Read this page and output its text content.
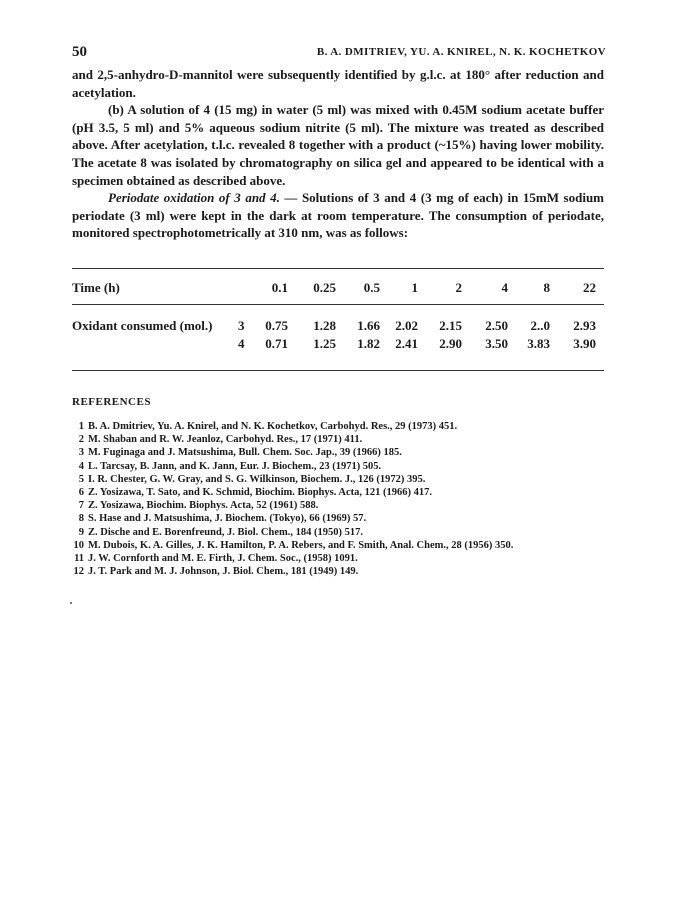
50	B. A. DMITRIEV, YU. A. KNIREL, N. K. KOCHETKOV

and 2,5-anhydro-D-mannitol were subsequently identified by g.l.c. at 180° after reduction and acetylation.

(b) A solution of 4 (15 mg) in water (5 ml) was mixed with 0.45M sodium acetate buffer (pH 3.5, 5 ml) and 5% aqueous sodium nitrite (5 ml). The mixture was treated as described above. After acetylation, t.l.c. revealed 8 together with a product (~15%) having lower mobility. The acetate 8 was isolated by chromatography on silica gel and appeared to be identical with a specimen obtained as described above.

Periodate oxidation of 3 and 4. — Solutions of 3 and 4 (3 mg of each) in 15mM sodium periodate (3 ml) were kept in the dark at room temperature. The consumption of periodate, monitored spectrophotometrically at 310 nm, was as follows:

Time (h)	0.1	0.25	0.5	1	2	4	8	22
Oxidant consumed (mol.) 3	0.75	1.28	1.66	2.02	2.15	2.50	2..0	2.93
4	0.71	1.25	1.82	2.41	2.90	3.50	3.83	3.90
REFERENCES
1 B. A. Dmitriev, Yu. A. Knirel, and N. K. Kochetkov, Carbohyd. Res., 29 (1973) 451.
2 M. Shaban and R. W. Jeanloz, Carbohyd. Res., 17 (1971) 411.
3 M. Fuginaga and J. Matsushima, Bull. Chem. Soc. Jap., 39 (1966) 185.
4 L. Tarcsay, B. Jann, and K. Jann, Eur. J. Biochem., 23 (1971) 505.
5 I. R. Chester, G. W. Gray, and S. G. Wilkinson, Biochem. J., 126 (1972) 395.
6 Z. Yosizawa, T. Sato, and K. Schmid, Biochim. Biophys. Acta, 121 (1966) 417.
7 Z. Yosizawa, Biochim. Biophys. Acta, 52 (1961) 588.
8 S. Hase and J. Matsushima, J. Biochem. (Tokyo), 66 (1969) 57.
9 Z. Dische and E. Borenfreund, J. Biol. Chem., 184 (1950) 517.
10 M. Dubois, K. A. Gilles, J. K. Hamilton, P. A. Rebers, and F. Smith, Anal. Chem., 28 (1956) 350.
11 J. W. Cornforth and M. E. Firth, J. Chem. Soc., (1958) 1091.
12 J. T. Park and M. J. Johnson, J. Biol. Chem., 181 (1949) 149.
